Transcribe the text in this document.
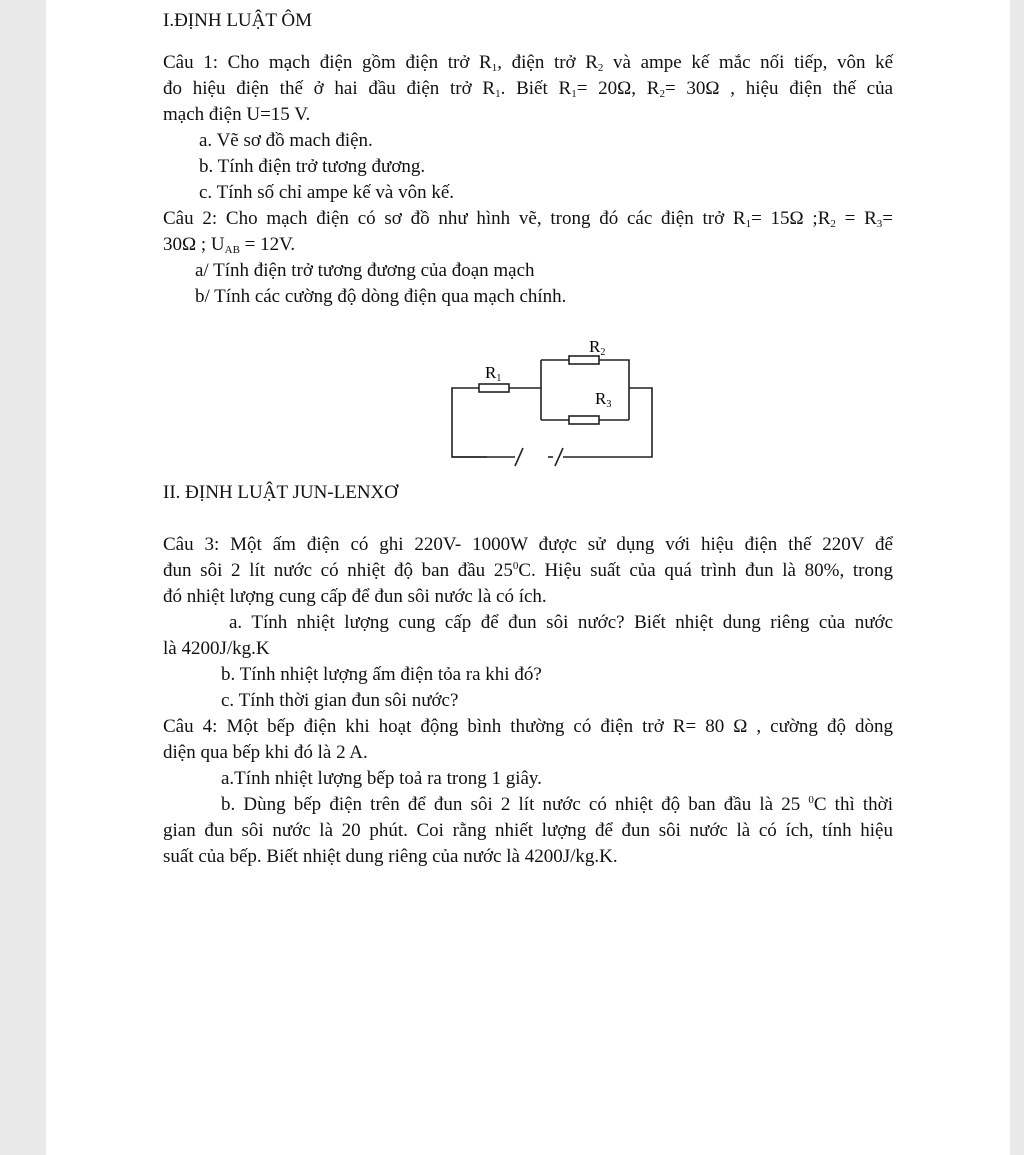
I.ĐỊNH LUẬT ÔM
Câu 1: Cho mạch điện gồm điện trở $R_1$, điện trở $R_2$ và ampe kế mắc nối tiếp, vôn kế
đo hiệu điện thế ở hai đầu điện trở $R_1$. Biết $R_1= 20\Omega$, $R_2= 30\Omega$ , hiệu điện thế của
mạch điện U=15 V.
a. Vẽ sơ đồ mach điện.
b. Tính điện trở tương đương.
c. Tính số chỉ ampe kế và vôn kế.
Câu 2: Cho mạch điện có sơ đồ như hình vẽ, trong đó các điện trở $R_1= 15\Omega$ $;R_2 = R_3=$
30Ω ; $U_{AB} = 12V$.
a/ Tính điện trở tương đương của đoạn mạch
b/ Tính các cường độ dòng điện qua mạch chính.
R1
R2
R3
II. ĐỊNH LUẬT JUN-LENXƠ
Câu 3: Một ấm điện có ghi 220V- 1000W được sử dụng với hiệu điện thế 220V để
đun sôi 2 lít nước có nhiệt độ ban đầu $25^0C$. Hiệu suất của quá trình đun là 80%, trong
đó nhiệt lượng cung cấp để đun sôi nước là có ích.
a. Tính nhiệt lượng cung cấp để đun sôi nước? Biết nhiệt dung riêng của nước
là 4200J/kg.K
b. Tính nhiệt lượng ấm điện tỏa ra khi đó?
c. Tính thời gian đun sôi nước?
Câu 4: Một bếp điện khi hoạt động bình thường có điện trở R= 80 Ω , cường độ dòng
diện qua bếp khi đó là 2 A.
a.Tính nhiệt lượng bếp toả ra trong 1 giây.
b. Dùng bếp điện trên để đun sôi 2 lít nước có nhiệt độ ban đầu là 25 $^0$C thì thời
gian đun sôi nước là 20 phút. Coi rằng nhiết lượng để đun sôi nước là có ích, tính hiệu
suất của bếp. Biết nhiệt dung riêng của nước là 4200J/kg.K.
